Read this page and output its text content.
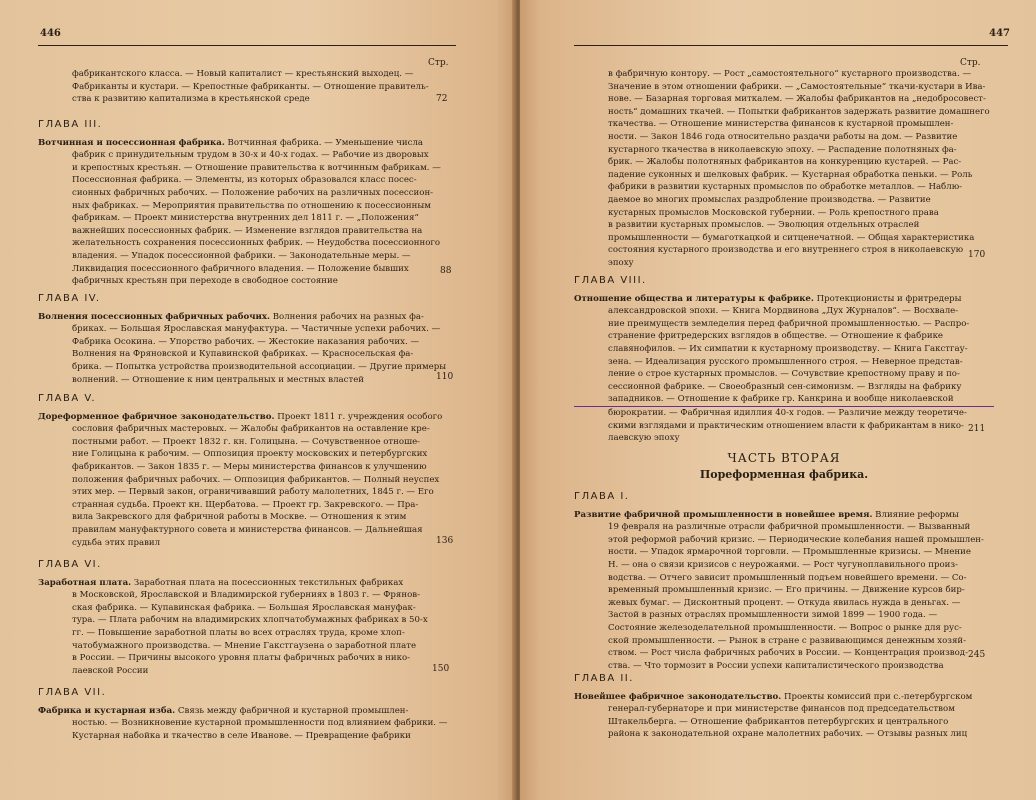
446
Стр.
фабрикантского класса. — Новый капиталист — крестьянский выходец. —
Фабриканты и кустари. — Крепостные фабриканты. — Отношение правитель-
ства к развитию капитализма в крестьянской среде	72
ГЛАВА III.
Вотчинная и посессионная фабрика. Вотчинная фабрика. — Уменьшение числа
фабрик с принудительным трудом в 30-х и 40-х годах. — Рабочие из дворовых
и крепостных крестьян. — Отношение правительства к вотчинным фабрикам. —
Посессионная фабрика. — Элементы, из которых образовался класс посес-
сионных фабричных рабочих. — Положение рабочих на различных посессион-
ных фабриках. — Мероприятия правительства по отношению к посессионным
фабрикам. — Проект министерства внутренних дел 1811 г. — „Положения“
важнейших посессионных фабрик. — Изменение взглядов правительства на
желательность сохранения посессионных фабрик. — Неудобства посессионного
владения. — Упадок посессионной фабрики. — Законодательные меры. —
Ликвидация посессионного фабричного владения. — Положение бывших
фабричных крестьян при переходе в свободное состояние
88
ГЛАВА IV.
Волнения посессионных фабричных рабочих. Волнения рабочих на разных фа-
бриках. — Большая Ярославская мануфактура. — Частичные успехи рабочих. —
Фабрика Осокина. — Упорство рабочих. — Жестокие наказания рабочих. —
Волнения на Фряновской и Купавинской фабриках. — Красносельская фа-
брика. — Попытка устройства производительной ассоциации. — Другие примеры
волнений. — Отношение к ним центральных и местных властей	110
ГЛАВА V.
Дореформенное фабричное законодательство. Проект 1811 г. учреждения особого
сословия фабричных мастеровых. — Жалобы фабрикантов на оставление кре-
постными работ. — Проект 1832 г. кн. Голицына. — Сочувственное отноше-
ние Голицына к рабочим. — Оппозиция проекту московских и петербургских
фабрикантов. — Закон 1835 г. — Меры министерства финансов к улучшению
положения фабричных рабочих. — Оппозиция фабрикантов. — Полный неуспех
этих мер. — Первый закон, ограничивавший работу малолетних, 1845 г. — Его
странная судьба. Проект кн. Щербатова. — Проект гр. Закревского. — Пра-
вила Закревского для фабричной работы в Москве. — Отношения к этим
правилам мануфактурного совета и министерства финансов. — Дальнейшая
судьба этих правил	136
ГЛАВА VI.
Заработная плата. Заработная плата на посессионных текстильных фабриках
в Московской, Ярославской и Владимирской губерниях в 1803 г. — Фрянов-
ская фабрика. — Купавинская фабрика. — Большая Ярославская мануфак-
тура. — Плата рабочим на владимирских хлопчатобумажных фабриках в 50-х
гг. — Повышение заработной платы во всех отраслях труда, кроме хлоп-
чатобумажного производства. — Мнение Гакстгаузена о заработной плате
в России. — Причины высокого уровня платы фабричных рабочих в нико-
лаевской России	150
ГЛАВА VII.
Фабрика и кустарная изба. Связь между фабричной и кустарной промышлен-
ностью. — Возникновение кустарной промышленности под влиянием фабрики. —
Кустарная набойка и ткачество в селе Иванове. — Превращение фабрики
447
Стр.
в фабричную контору. — Рост „самостоятельного“ кустарного производства. —
Значение в этом отношении фабрики. — „Самостоятельные“ ткачи-кустари в Ива-
нове. — Базарная торговая миткалем. — Жалобы фабрикантов на „недобросовест-
ность“ домашних ткачей. — Попытки фабрикантов задержать развитие домашнего
ткачества. — Отношение министерства финансов к кустарной промышлен-
ности. — Закон 1846 года относительно раздачи работы на дом. — Развитие
кустарного ткачества в николаевскую эпоху. — Распадение полотняных фа-
брик. — Жалобы полотняных фабрикантов на конкуренцию кустарей. — Рас-
падение суконных и шелковых фабрик. — Кустарная обработка пеньки. — Роль
фабрики в развитии кустарных промыслов по обработке металлов. — Наблю-
даемое во многих промыслах раздробление производства. — Развитие
кустарных промыслов Московской губернии. — Роль крепостного права
в развитии кустарных промыслов. — Эволюция отдельных отраслей
промышленности — бумаготкацкой и ситценечатной. — Общая характеристика
состояния кустарного производства и его внутреннего строя в николаевскую
эпоху
170
ГЛАВА VIII.
Отношение общества и литературы к фабрике. Протекционисты и фритредеры
александровской эпохи. — Книга Мордвинова „Дух Журналов“. — Восхвале-
ние преимуществ земледелия перед фабричной промышленностью. — Распро-
странение фритредерских взглядов в обществе. — Отношение к фабрике
славянофилов. — Их симпатии к кустарному производству. — Книга Гакстгау-
зена. — Идеализация русского промышленного строя. — Неверное представ-
ление о строе кустарных промыслов. — Сочувствие крепостному праву и по-
сессионной фабрике. — Своеобразный сен-симонизм. — Взгляды на фабрику
западников. — Отношение к фабрике гр. Канкрина и вообще николаевской
бюрократии. — Фабричная идиллия 40-х годов. — Различие между теоретиче-
скими взглядами и практическим отношением власти к фабрикантам в нико-
лаевскую эпоху
211
ЧАСТЬ ВТОРАЯ
Пореформенная фабрика.
ГЛАВА I.
Развитие фабричной промышленности в новейшее время. Влияние реформы
19 февраля на различные отрасли фабричной промышленности. — Вызванный
этой реформой рабочий кризис. — Периодические колебания нашей промышлен-
ности. — Упадок ярмарочной торговли. — Промышленные кризисы. — Мнение
Н. — она о связи кризисов с неурожаями. — Рост чугуноплавильного произ-
водства. — Отчего зависит промышленный подъем новейшего времени. — Со-
временный промышленный кризис. — Его причины. — Движение курсов бир-
жевых бумаг. — Дисконтный процент. — Откуда явилась нужда в деньгах. —
Застой в разных отраслях промышленности зимой 1899 — 1900 года. —
Состояние железоделательной промышленности. — Вопрос о рынке для рус-
ской промышленности. — Рынок в стране с развивающимся денежным хозяй-
ством. — Рост числа фабричных рабочих в России. — Концентрация производ-
ства. — Что тормозит в России успехи капиталистического производства
245
ГЛАВА II.
Новейшее фабричное законодательство. Проекты комиссий при с.-петербургском
генерал-губернаторе и при министерстве финансов под председательством
Штакельберга. — Отношение фабрикантов петербургских и центрального
района к законодательной охране малолетних рабочих. — Отзывы разных лиц
